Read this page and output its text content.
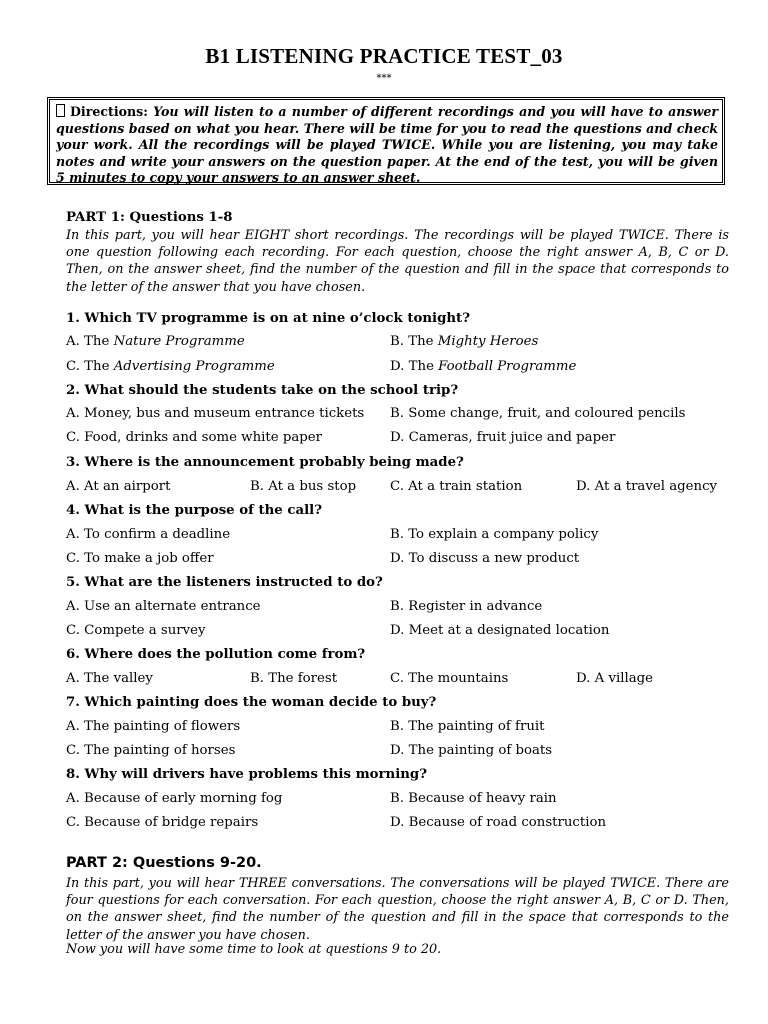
B1 LISTENING PRACTICE TEST_03
***
Directions: You will listen to a number of different recordings and you will have to answer questions based on what you hear. There will be time for you to read the questions and check your work. All the recordings will be played TWICE. While you are listening, you may take notes and write your answers on the question paper. At the end of the test, you will be given 5 minutes to copy your answers to an answer sheet.
PART 1: Questions 1-8
In this part, you will hear EIGHT short recordings. The recordings will be played TWICE. There is one question following each recording. For each question, choose the right answer A, B, C or D. Then, on the answer sheet, find the number of the question and fill in the space that corresponds to the letter of the answer that you have chosen.
1. Which TV programme is on at nine o’clock tonight?
A. The Nature Programme	B. The Mighty Heroes
C. The Advertising Programme	D. The Football Programme
2. What should the students take on the school trip?
A. Money, bus and museum entrance tickets B. Some change, fruit, and coloured pencils
C. Food, drinks and some white paper	D. Cameras, fruit juice and paper
3. Where is the announcement probably being made?
A. At an airport	B. At a bus stop	C. At a train station	D. At a travel agency
4. What is the purpose of the call?
A. To confirm a deadline	B. To explain a company policy
C. To make a job offer	D. To discuss a new product
5. What are the listeners instructed to do?
A. Use an alternate entrance	B. Register in advance
C. Compete a survey	D. Meet at a designated location
6. Where does the pollution come from?
A. The valley	B. The forest	C. The mountains	D. A village
7. Which painting does the woman decide to buy?
A. The painting of flowers	B. The painting of fruit
C. The painting of horses	D. The painting of boats
8. Why will drivers have problems this morning?
A. Because of early morning fog	B. Because of heavy rain
C. Because of bridge repairs	D. Because of road construction
PART 2: Questions 9-20.
In this part, you will hear THREE conversations. The conversations will be played TWICE. There are four questions for each conversation. For each question, choose the right answer A, B, C or D. Then, on the answer sheet, find the number of the question and fill in the space that corresponds to the letter of the answer you have chosen.
Now you will have some time to look at questions 9 to 20.
